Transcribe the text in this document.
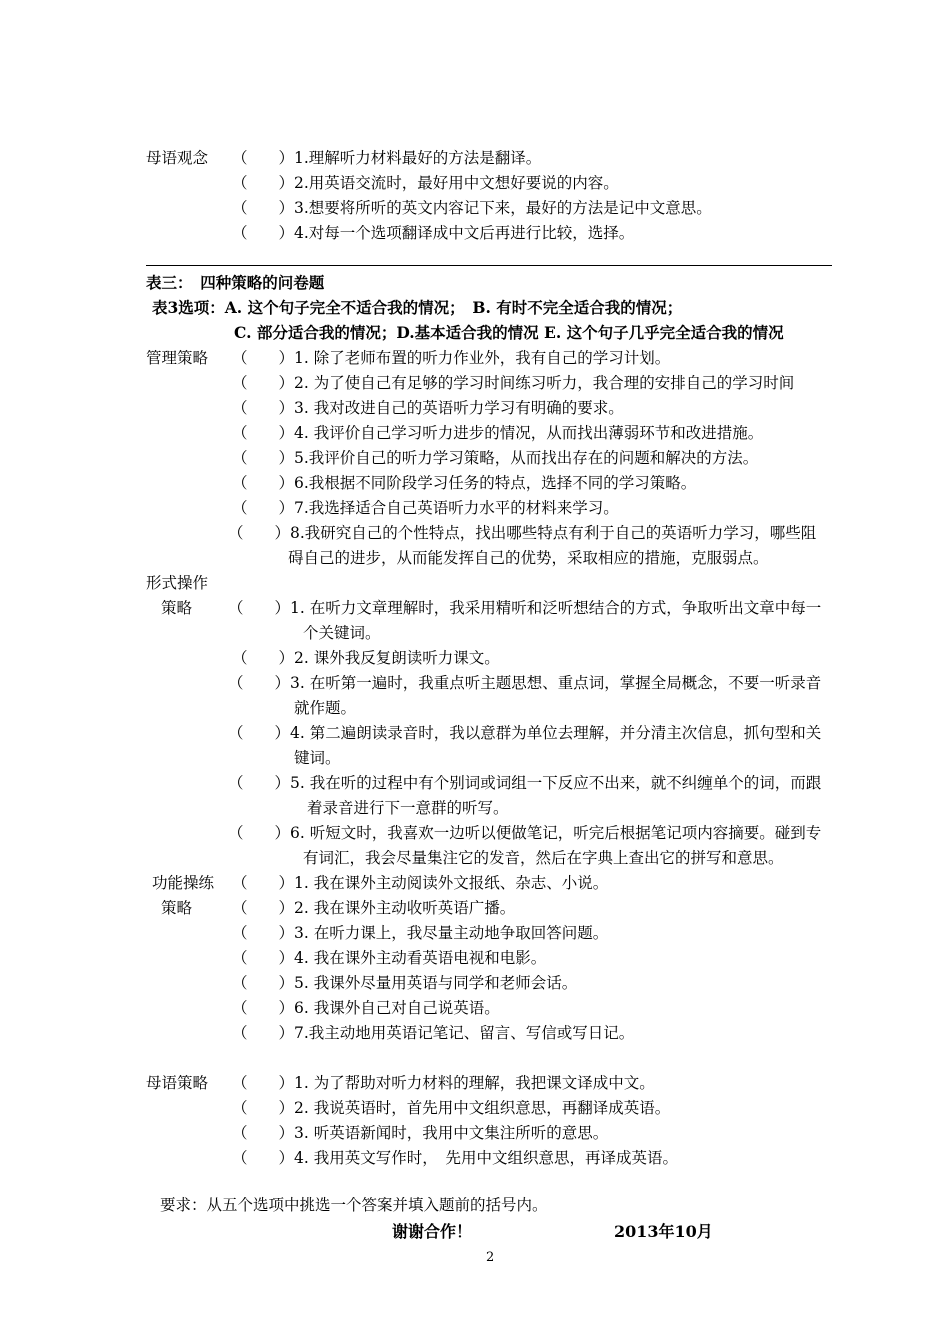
母语观念 （　　）1.理解听力材料最好的方法是翻译。
（　　）2.用英语交流时，最好用中文想好要说的内容。
（　　）3.想要将所听的英文内容记下来，最好的方法是记中文意思。
（　　）4.对每一个选项翻译成中文后再进行比较，选择。
表三：　四种策略的问卷题
表3选项：A. 这个句子完全不适合我的情况；　B. 有时不完全适合我的情况；
C. 部分适合我的情况；D.基本适合我的情况 E. 这个句子几乎完全适合我的情况
管理策略 （　　）1. 除了老师布置的听力作业外，我有自己的学习计划。
（　　）2. 为了使自己有足够的学习时间练习听力，我合理的安排自己的学习时间
（　　）3. 我对改进自己的英语听力学习有明确的要求。
（　　）4. 我评价自己学习听力进步的情况，从而找出薄弱环节和改进措施。
（　　）5.我评价自己的听力学习策略，从而找出存在的问题和解决的方法。
（　　）6.我根据不同阶段学习任务的特点，选择不同的学习策略。
（　　）7.我选择适合自己英语听力水平的材料来学习。
（　　）8.我研究自己的个性特点，找出哪些特点有利于自己的英语听力学习，哪些阻
碍自己的进步，从而能发挥自己的优势，采取相应的措施，克服弱点。
形式操作
策略 （　　）1. 在听力文章理解时，我采用精听和泛听想结合的方式，争取听出文章中每一
个关键词。
（　　）2. 课外我反复朗读听力课文。
（　　）3. 在听第一遍时，我重点听主题思想、重点词，掌握全局概念，不要一听录音
就作题。
（　　）4. 第二遍朗读录音时，我以意群为单位去理解，并分清主次信息，抓句型和关
键词。
（　　）5. 我在听的过程中有个别词或词组一下反应不出来，就不纠缠单个的词，而跟
着录音进行下一意群的听写。
（　　）6. 听短文时，我喜欢一边听以便做笔记，听完后根据笔记项内容摘要。碰到专
有词汇，我会尽量集注它的发音，然后在字典上查出它的拼写和意思。
功能操练
策略
（　　）1. 我在课外主动阅读外文报纸、杂志、小说。
（　　）2. 我在课外主动收听英语广播。
（　　）3. 在听力课上，我尽量主动地争取回答问题。
（　　）4. 我在课外主动看英语电视和电影。
（　　）5. 我课外尽量用英语与同学和老师会话。
（　　）6. 我课外自己对自己说英语。
（　　）7.我主动地用英语记笔记、留言、写信或写日记。
母语策略 （　　）1. 为了帮助对听力材料的理解，我把课文译成中文。
（　　）2. 我说英语时，首先用中文组织意思，再翻译成英语。
（　　）3. 听英语新闻时，我用中文集注所听的意思。
（　　）4. 我用英文写作时，　先用中文组织意思，再译成英语。
要求：从五个选项中挑选一个答案并填入题前的括号内。
谢谢合作！	2013年10月
2
